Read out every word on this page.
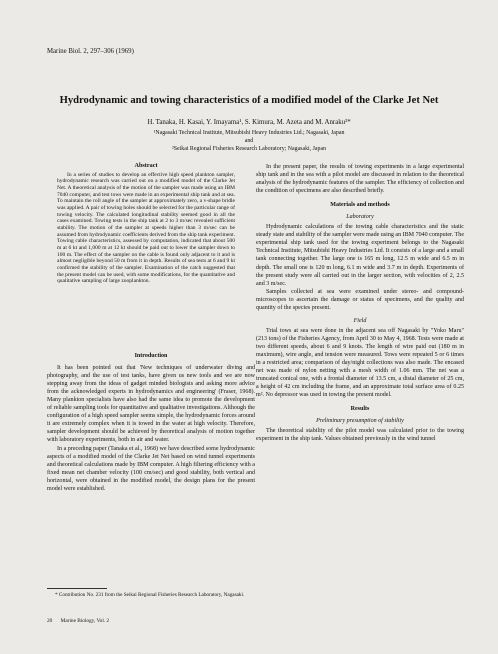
Marine Biol. 2, 297–306 (1969)
Hydrodynamic and towing characteristics of a modified model of the Clarke Jet Net
H. Tanaka, H. Kasai, Y. Imayama¹, S. Kimura, M. Azeta and M. Anraku²*
¹Nagasaki Technical Institute, Mitsubishi Heavy Industries Ltd.; Nagasaki, Japan
and
²Seikai Regional Fisheries Research Laboratory; Nagasaki, Japan
Abstract

In a series of studies to develop an effective high speed plankton sampler, hydrodynamic research was carried out on a modified model of the Clarke Jet Net. A theoretical analysis of the motion of the sampler was made using an IBM 7040 computer, and test tows were made in an experimental ship tank and at sea. To maintain the roll angle of the sampler at approximately zero, a v-shape bridle was applied. A pair of towing holes should be selected for the particular range of towing velocity. The calculated longitudinal stability seemed good in all the cases examined. Towing tests in the ship tank at 2 to 3 m/sec revealed sufficient stability. The motion of the sampler at speeds higher than 3 m/sec can be assumed from hydrodynamic coefficients derived from the ship tank experiment. Towing cable characteristics, assessed by computation, indicated that about 500 m at 6 kt and 1,000 m at 12 kt should be paid out to lower the sampler down to 100 m. The effect of the sampler on the cable is found only adjacent to it and is almost negligible beyond 50 m from it in depth. Results of sea tests at 6 and 9 kt confirmed the stability of the sampler. Examination of the catch suggested that the present model can be used, with some modifications, for the quantitative and qualitative sampling of large zooplankton.

Introduction

It has been pointed out that 'New techniques of underwater diving and photography, and the use of test tanks, have given us new tools and we are now stepping away from the ideas of gadget minded biologists and asking more advice from the acknowledged experts in hydrodynamics and engineering' (Fraser, 1968). Many plankton specialists have also had the same idea to promote the development of reliable sampling tools for quantitative and qualitative investigations. Although the configuration of a high speed sampler seems simple, the hydrodynamic forces around it are extremely complex when it is towed in the water at high velocity. Therefore, sampler development should be achieved by theoretical analysis of motion together with laboratory experiments, both in air and water.

In a preceding paper (Tanaka et al., 1968) we have described some hydrodynamic aspects of a modified model of the Clarke Jet Net based on wind tunnel experiments and theoretical calculations made by IBM computer. A high filtering efficiency with a fixed mean net chamber velocity (100 cm/sec) and good stability, both vertical and horizontal, were obtained in the modified model, the design plans for the present model were established.

In the present paper, the results of towing experiments in a large experimental ship tank and in the sea with a pilot model are discussed in relation to the theoretical analysis of the hydrodynamic features of the sampler. The efficiency of collection and the condition of specimens are also described briefly.

Materials and methods
Laboratory

Hydrodynamic calculations of the towing cable characteristics and the static steady state and stability of the sampler were made using an IBM 7040 computer. The experimental ship tank used for the towing experiment belongs to the Nagasaki Technical Institute, Mitsubishi Heavy Industries Ltd. It consists of a large and a small tank connecting together. The large one is 165 m long, 12.5 m wide and 6.5 m in depth. The small one is 120 m long, 6.1 m wide and 3.7 m in depth. Experiments of the present study were all carried out in the larger section, with velocities of 2, 2.5 and 3 m/sec.

Samples collected at sea were examined under stereo- and compound-microscopes to ascertain the damage or status of specimens, and the quality and quantity of the species present.

Field

Trial tows at sea were done in the adjacent sea off Nagasaki by "Yoko Maru" (213 tons) of the Fisheries Agency, from April 30 to May 4, 1968. Tests were made at two different speeds, about 6 and 9 knots. The length of wire paid out (180 m in maximum), wire angle, and tension were measured. Tows were repeated 5 or 6 times in a restricted area; comparison of day/night collections was also made. The encased net was made of nylon netting with a mesh width of 1.06 mm. The net was a truncated conical one, with a frontal diameter of 13.5 cm, a distal diameter of 25 cm, a height of 42 cm including the frame, and an approximate total surface area of 0.25 m². No depressor was used in towing the present model.

Results
Preliminary presumption of stability

The theoretical stability of the pilot model was calculated prior to the towing experiment in the ship tank. Values obtained previously in the wind tunnel

* Contribution No. 231 from the Seikai Regional Fisheries Research Laboratory, Nagasaki.

20 Marine Biology, Vol. 2
